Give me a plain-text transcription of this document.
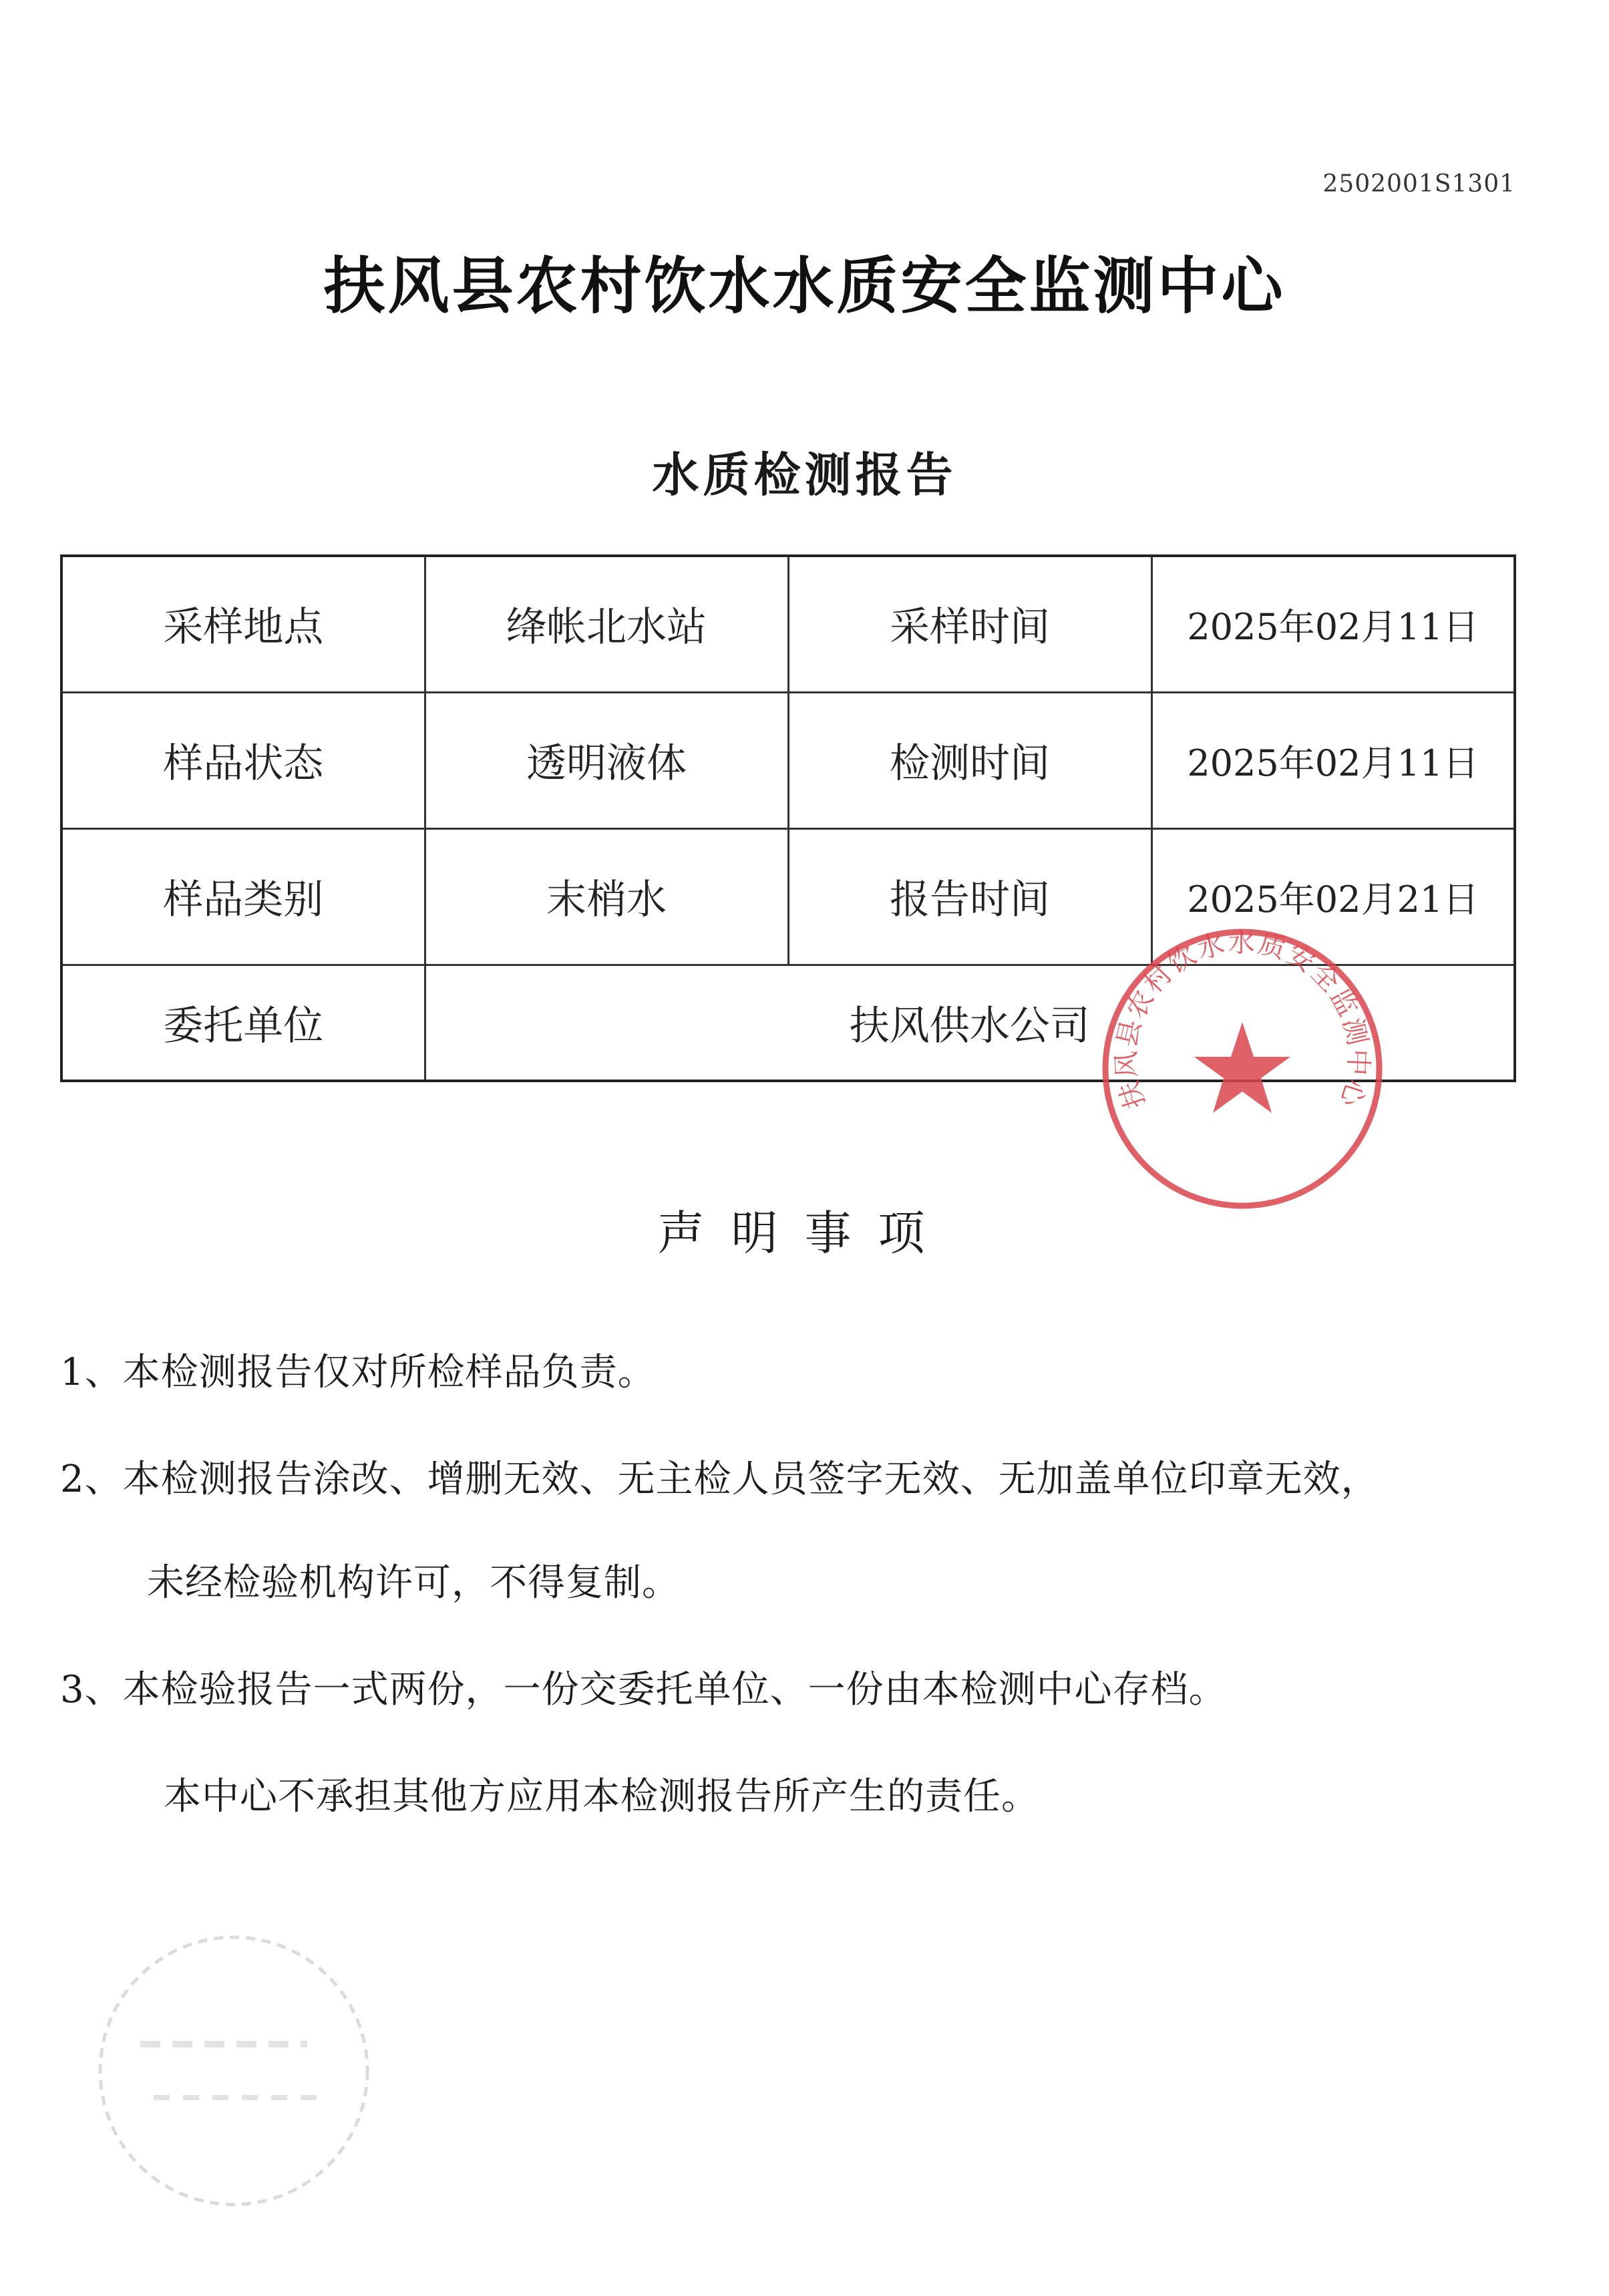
2502001S1301
扶风县农村饮水水质安全监测中心
水质检测报告
采样地点	绛帐北水站	采样时间	2025年02月11日
样品状态	透明液体	检测时间	2025年02月11日
样品类别	末梢水	报告时间	2025年02月21日
委托单位	扶风供水公司		
声明事项
1、本检测报告仅对所检样品负责。
2、本检测报告涂改、增删无效、无主检人员签字无效、无加盖单位印章无效，
未经检验机构许可，不得复制。
3、本检验报告一式两份，一份交委托单位、一份由本检测中心存档。
本中心不承担其他方应用本检测报告所产生的责任。
扶风县农村饮水水质安全监测中心
